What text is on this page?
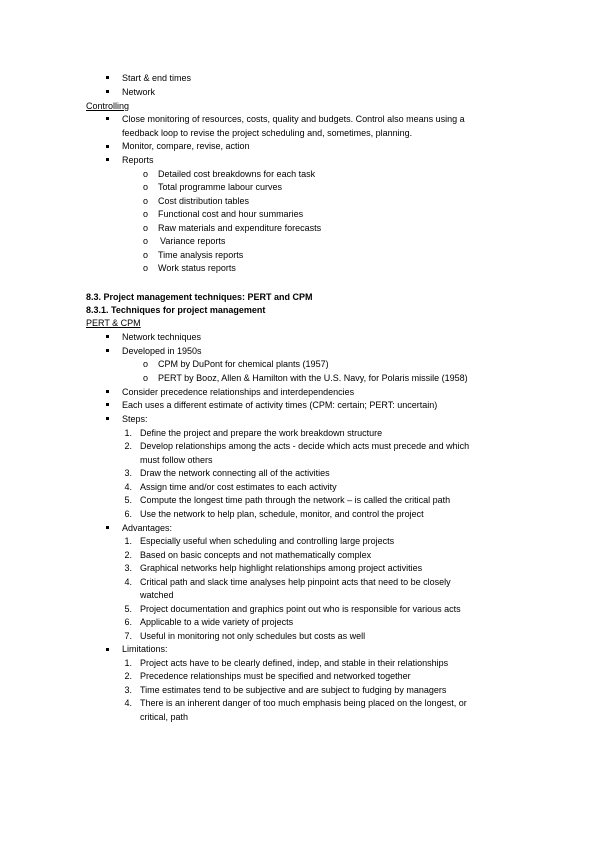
Start & end times
Network
Controlling
Close monitoring of resources, costs, quality and budgets. Control also means using a
feedback loop to revise the project scheduling and, sometimes, planning.
Monitor, compare, revise, action
Reports
o Detailed cost breakdowns for each task
o Total programme labour curves
o Cost distribution tables
o Functional cost and hour summaries
o Raw materials and expenditure forecasts
o Variance reports
o Time analysis reports
o Work status reports
8.3. Project management techniques: PERT and CPM
8.3.1. Techniques for project management
PERT & CPM
Network techniques
Developed in 1950s
o CPM by DuPont for chemical plants (1957)
o PERT by Booz, Allen & Hamilton with the U.S. Navy, for Polaris missile (1958)
Consider precedence relationships and interdependencies
Each uses a different estimate of activity times (CPM: certain; PERT: uncertain)
Steps:
1. Define the project and prepare the work breakdown structure
2. Develop relationships among the acts - decide which acts must precede and which
must follow others
3. Draw the network connecting all of the activities
4. Assign time and/or cost estimates to each activity
5. Compute the longest time path through the network – is called the critical path
6. Use the network to help plan, schedule, monitor, and control the project
Advantages:
1. Especially useful when scheduling and controlling large projects
2. Based on basic concepts and not mathematically complex
3. Graphical networks help highlight relationships among project activities
4. Critical path and slack time analyses help pinpoint acts that need to be closely
watched
5. Project documentation and graphics point out who is responsible for various acts
6. Applicable to a wide variety of projects
7. Useful in monitoring not only schedules but costs as well
Limitations:
1. Project acts have to be clearly defined, indep, and stable in their relationships
2. Precedence relationships must be specified and networked together
3. Time estimates tend to be subjective and are subject to fudging by managers
4. There is an inherent danger of too much emphasis being placed on the longest, or
critical, path
